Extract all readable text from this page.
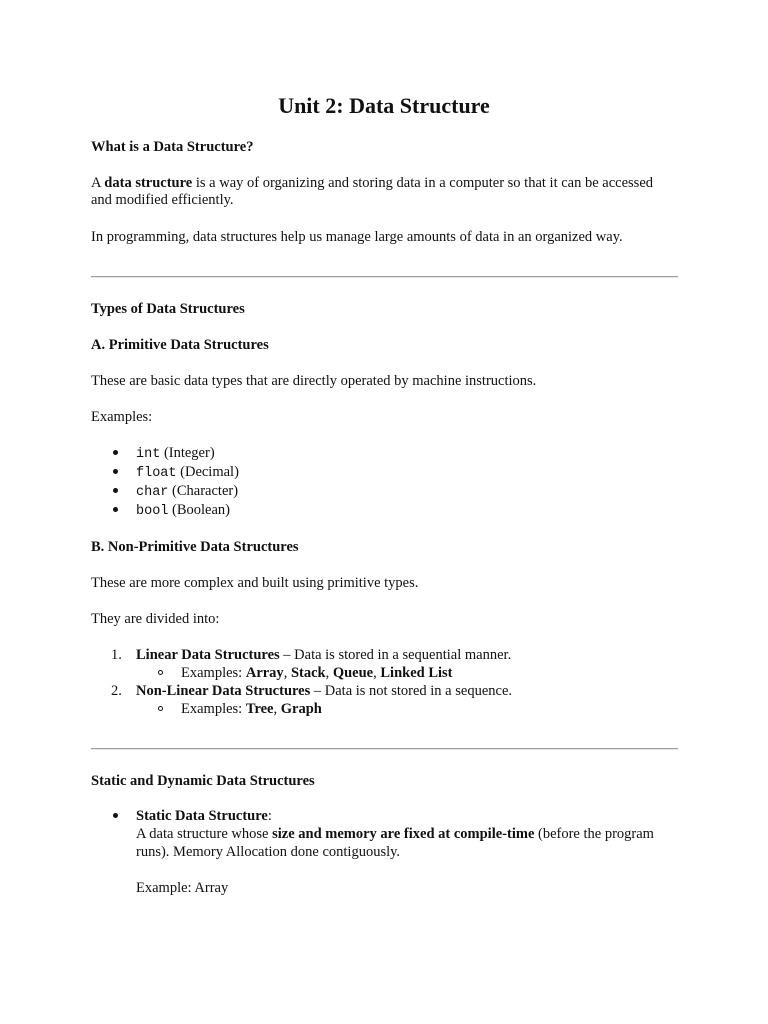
Unit 2: Data Structure
What is a Data Structure?
A data structure is a way of organizing and storing data in a computer so that it can be accessed
and modified efficiently.
In programming, data structures help us manage large amounts of data in an organized way.
Types of Data Structures
A. Primitive Data Structures
These are basic data types that are directly operated by machine instructions.
Examples:
int (Integer)
float (Decimal)
char (Character)
bool (Boolean)
B. Non-Primitive Data Structures
These are more complex and built using primitive types.
They are divided into:
1. Linear Data Structures – Data is stored in a sequential manner.
Examples: Array, Stack, Queue, Linked List
2. Non-Linear Data Structures – Data is not stored in a sequence.
Examples: Tree, Graph
Static and Dynamic Data Structures
Static Data Structure:
A data structure whose size and memory are fixed at compile-time (before the program
runs). Memory Allocation done contiguously.
Example: Array
